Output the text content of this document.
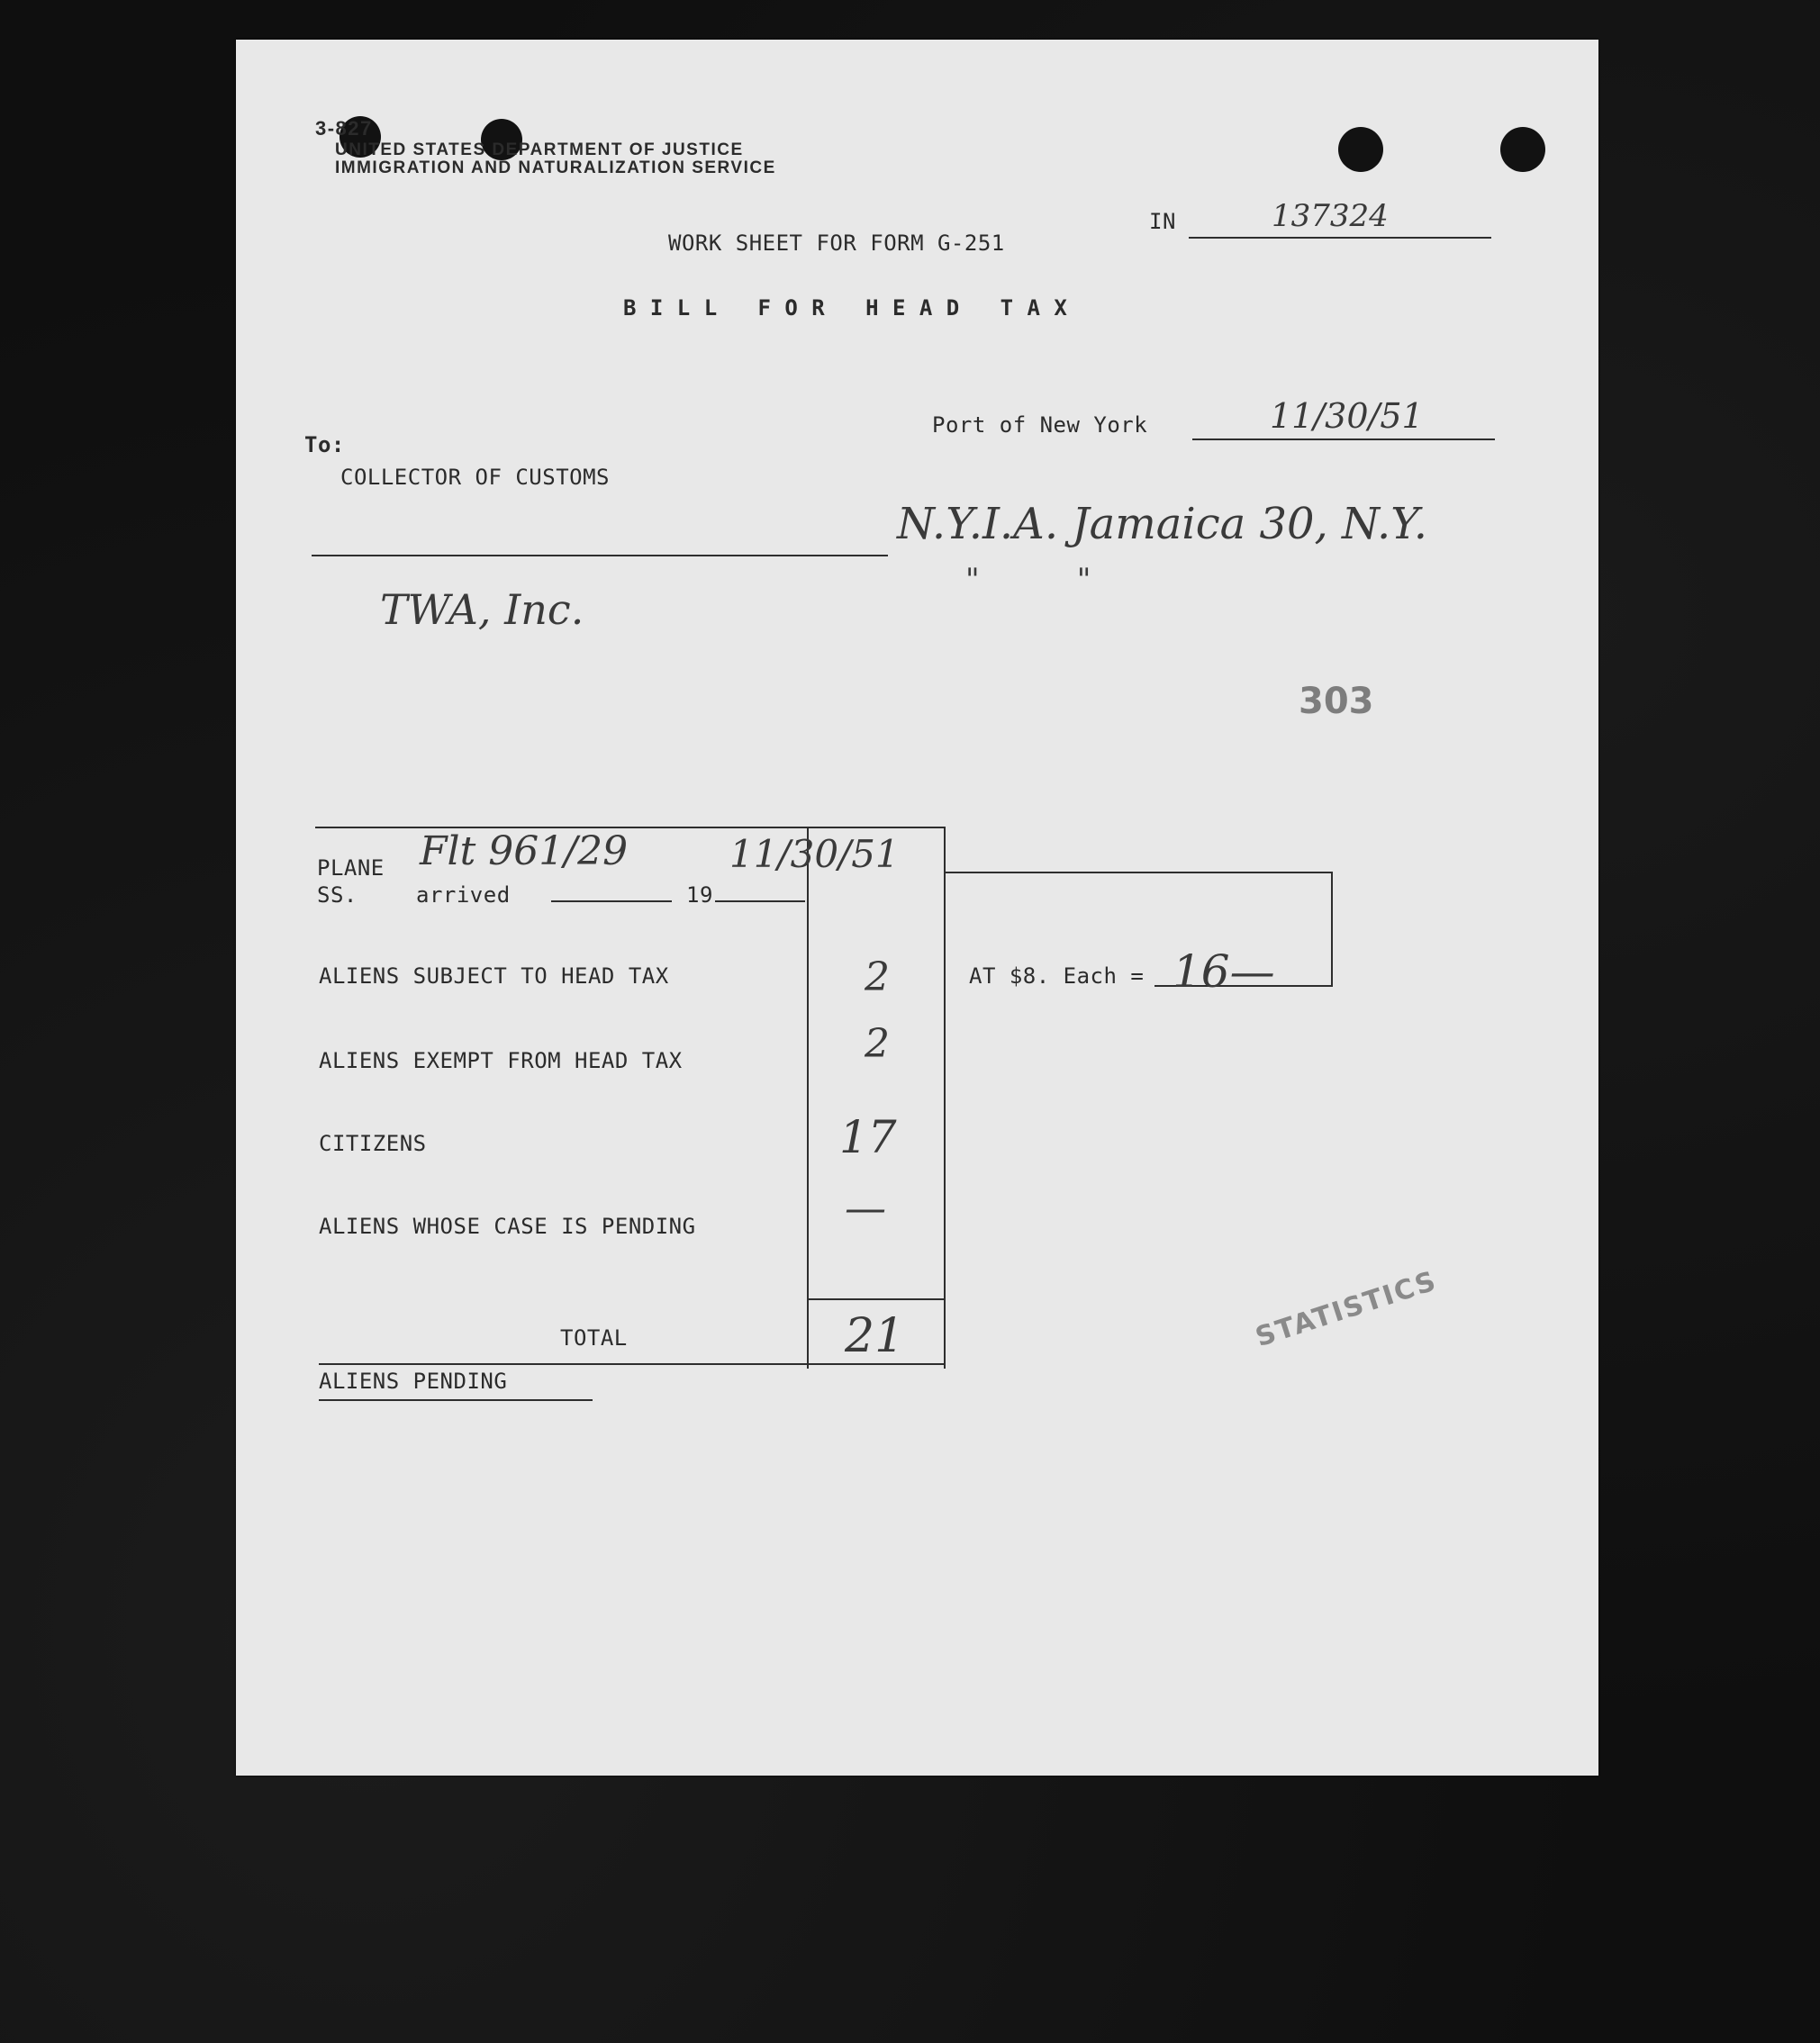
3-827
UNITED STATES DEPARTMENT OF JUSTICE
IMMIGRATION AND NATURALIZATION SERVICE
IN	137324
WORK SHEET FOR FORM G-251
B I L L   F O R   H E A D   T A X
Port of New York	11/30/51
To:
COLLECTOR OF CUSTOMS
N.Y.I.A. Jamaica 30, N.Y.
"          "
TWA, Inc.
303
PLANE
SS.	arrived	19
Flt 961/29	11/30/51
ALIENS SUBJECT TO HEAD TAX	2
ALIENS EXEMPT FROM HEAD TAX	2
CITIZENS	17
ALIENS WHOSE CASE IS PENDING	—
AT $8. Each = 16—
TOTAL	21
ALIENS PENDING
STATISTICS
